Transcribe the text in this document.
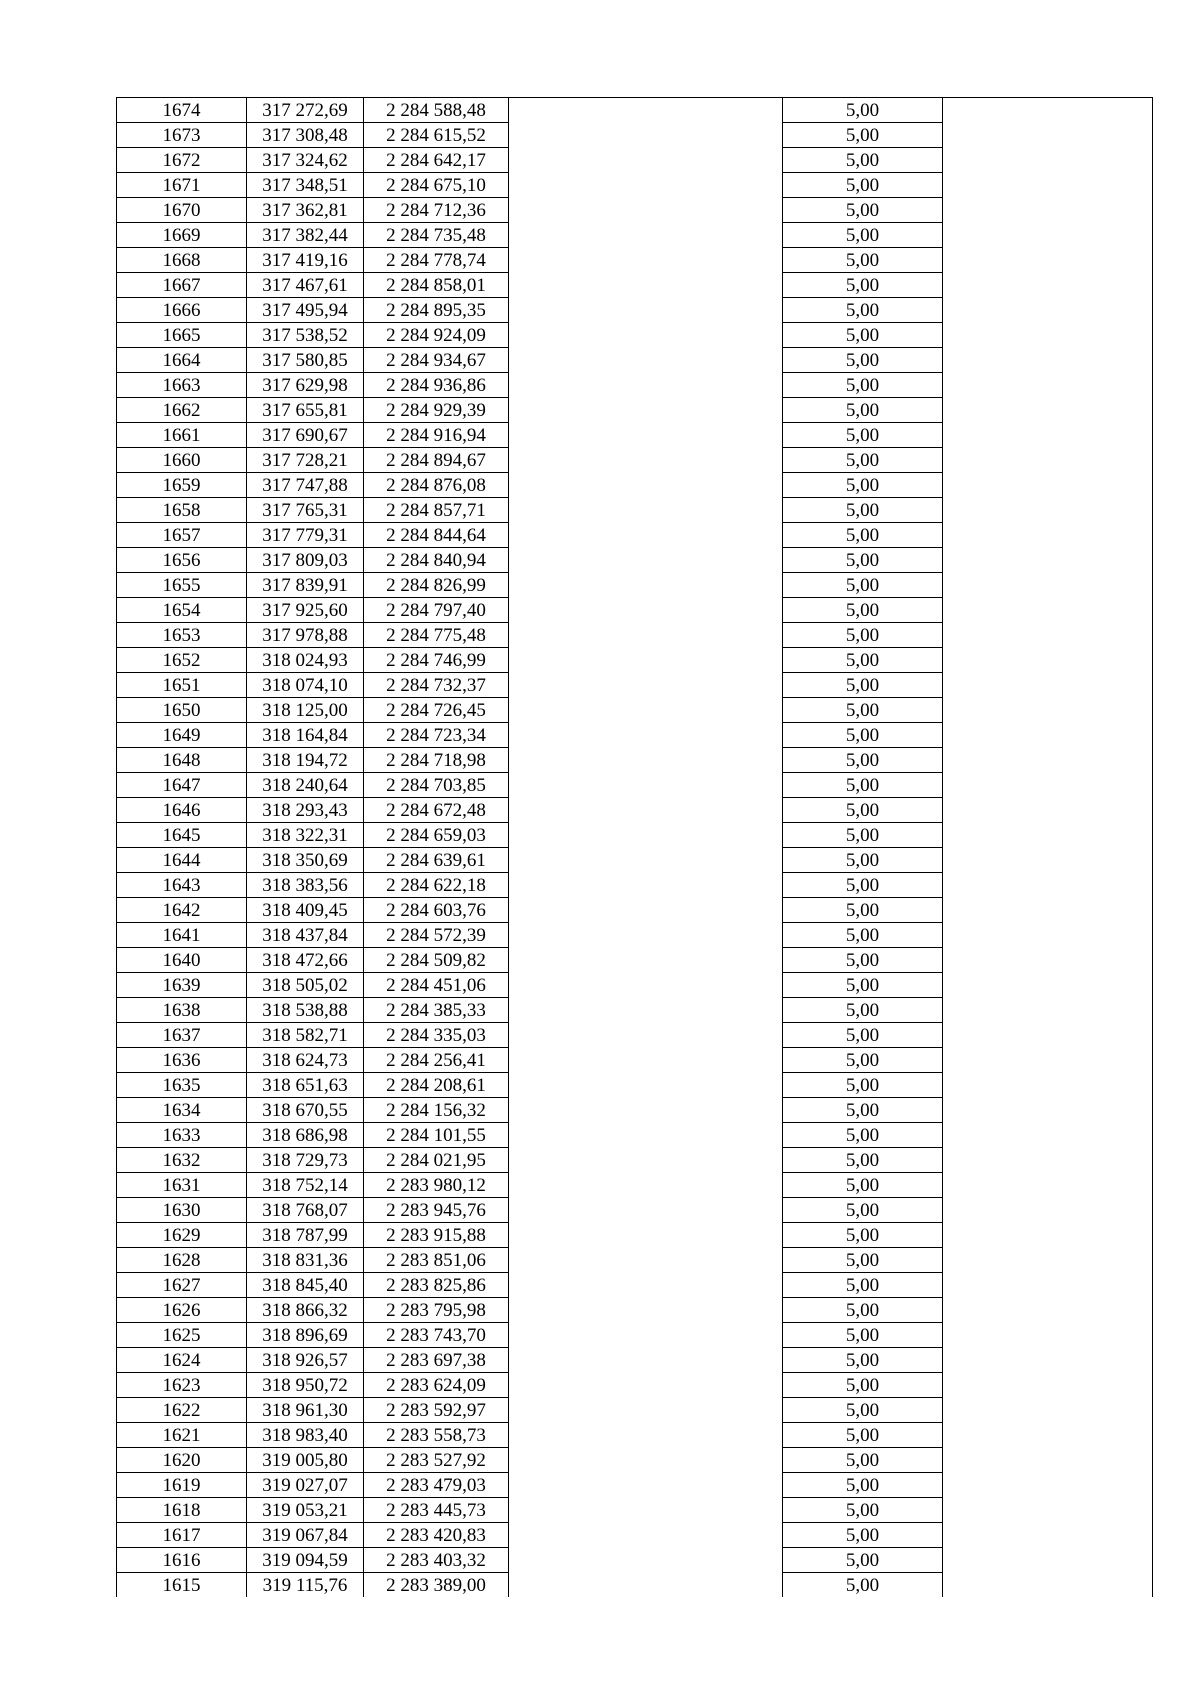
1674	317 272,69	2 284 588,48		5,00	
1673	317 308,48	2 284 615,52		5,00	
1672	317 324,62	2 284 642,17		5,00	
1671	317 348,51	2 284 675,10		5,00	
1670	317 362,81	2 284 712,36		5,00	
1669	317 382,44	2 284 735,48		5,00	
1668	317 419,16	2 284 778,74		5,00	
1667	317 467,61	2 284 858,01		5,00	
1666	317 495,94	2 284 895,35		5,00	
1665	317 538,52	2 284 924,09		5,00	
1664	317 580,85	2 284 934,67		5,00	
1663	317 629,98	2 284 936,86		5,00	
1662	317 655,81	2 284 929,39		5,00	
1661	317 690,67	2 284 916,94		5,00	
1660	317 728,21	2 284 894,67		5,00	
1659	317 747,88	2 284 876,08		5,00	
1658	317 765,31	2 284 857,71		5,00	
1657	317 779,31	2 284 844,64		5,00	
1656	317 809,03	2 284 840,94		5,00	
1655	317 839,91	2 284 826,99		5,00	
1654	317 925,60	2 284 797,40		5,00	
1653	317 978,88	2 284 775,48		5,00	
1652	318 024,93	2 284 746,99		5,00	
1651	318 074,10	2 284 732,37		5,00	
1650	318 125,00	2 284 726,45		5,00	
1649	318 164,84	2 284 723,34		5,00	
1648	318 194,72	2 284 718,98		5,00	
1647	318 240,64	2 284 703,85		5,00	
1646	318 293,43	2 284 672,48		5,00	
1645	318 322,31	2 284 659,03		5,00	
1644	318 350,69	2 284 639,61		5,00	
1643	318 383,56	2 284 622,18		5,00	
1642	318 409,45	2 284 603,76		5,00	
1641	318 437,84	2 284 572,39		5,00	
1640	318 472,66	2 284 509,82		5,00	
1639	318 505,02	2 284 451,06		5,00	
1638	318 538,88	2 284 385,33		5,00	
1637	318 582,71	2 284 335,03		5,00	
1636	318 624,73	2 284 256,41		5,00	
1635	318 651,63	2 284 208,61		5,00	
1634	318 670,55	2 284 156,32		5,00	
1633	318 686,98	2 284 101,55		5,00	
1632	318 729,73	2 284 021,95		5,00	
1631	318 752,14	2 283 980,12		5,00	
1630	318 768,07	2 283 945,76		5,00	
1629	318 787,99	2 283 915,88		5,00	
1628	318 831,36	2 283 851,06		5,00	
1627	318 845,40	2 283 825,86		5,00	
1626	318 866,32	2 283 795,98		5,00	
1625	318 896,69	2 283 743,70		5,00	
1624	318 926,57	2 283 697,38		5,00	
1623	318 950,72	2 283 624,09		5,00	
1622	318 961,30	2 283 592,97		5,00	
1621	318 983,40	2 283 558,73		5,00	
1620	319 005,80	2 283 527,92		5,00	
1619	319 027,07	2 283 479,03		5,00	
1618	319 053,21	2 283 445,73		5,00	
1617	319 067,84	2 283 420,83		5,00	
1616	319 094,59	2 283 403,32		5,00	
1615	319 115,76	2 283 389,00		5,00	
